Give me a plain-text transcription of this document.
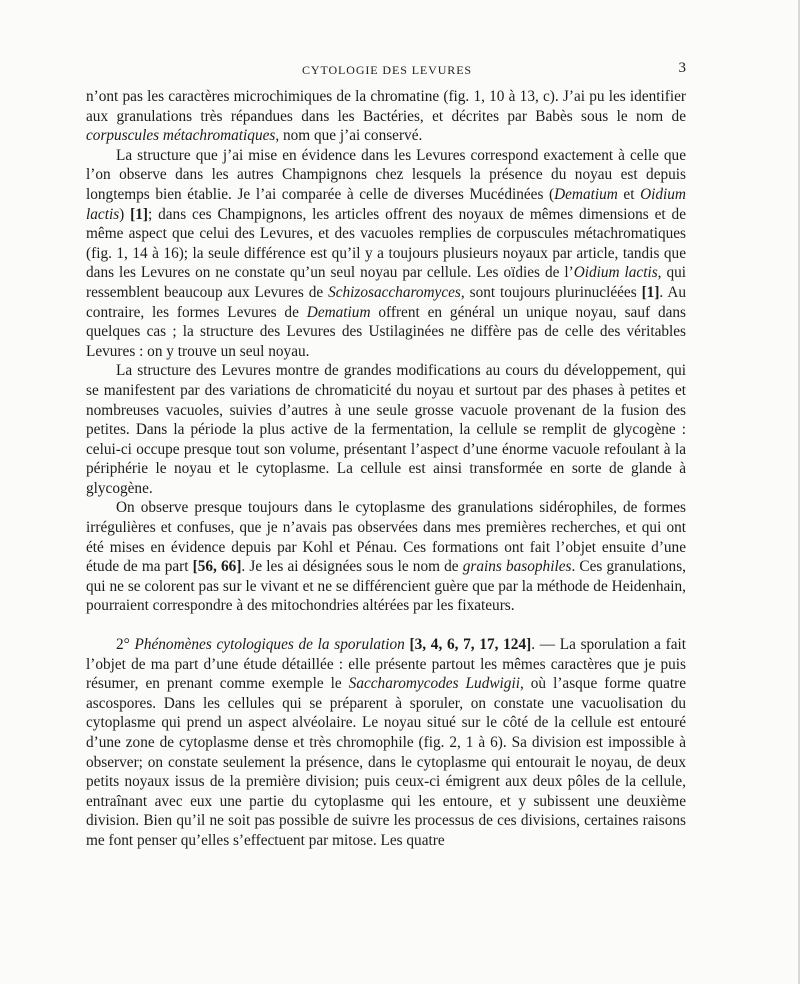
CYTOLOGIE DES LEVURES	3

n’ont pas les caractères microchimiques de la chromatine (fig. 1, 10 à 13, c). J’ai pu les identifier aux granulations très répandues dans les Bactéries, et décrites par Babès sous le nom de corpuscules métachromatiques, nom que j’ai conservé.

La structure que j’ai mise en évidence dans les Levures correspond exactement à celle que l’on observe dans les autres Champignons chez lesquels la présence du noyau est depuis longtemps bien établie. Je l’ai comparée à celle de diverses Mucédinées (Dematium et Oidium lactis) [1]; dans ces Champignons, les articles offrent des noyaux de mêmes dimensions et de même aspect que celui des Levures, et des vacuoles remplies de corpuscules métachromatiques (fig. 1, 14 à 16); la seule différence est qu’il y a toujours plusieurs noyaux par article, tandis que dans les Levures on ne constate qu’un seul noyau par cellule. Les oïdies de l’Oidium lactis, qui ressemblent beaucoup aux Levures de Schizosaccharomyces, sont toujours plurinucléées [1]. Au contraire, les formes Levures de Dematium offrent en général un unique noyau, sauf dans quelques cas ; la structure des Levures des Ustilaginées ne diffère pas de celle des véritables Levures : on y trouve un seul noyau.

La structure des Levures montre de grandes modifications au cours du développement, qui se manifestent par des variations de chromaticité du noyau et surtout par des phases à petites et nombreuses vacuoles, suivies d’autres à une seule grosse vacuole provenant de la fusion des petites. Dans la période la plus active de la fermentation, la cellule se remplit de glycogène : celui-ci occupe presque tout son volume, présentant l’aspect d’une énorme vacuole refoulant à la périphérie le noyau et le cytoplasme. La cellule est ainsi transformée en sorte de glande à glycogène.

On observe presque toujours dans le cytoplasme des granulations sidérophiles, de formes irrégulières et confuses, que je n’avais pas observées dans mes premières recherches, et qui ont été mises en évidence depuis par Kohl et Pénau. Ces formations ont fait l’objet ensuite d’une étude de ma part [56, 66]. Je les ai désignées sous le nom de grains basophiles. Ces granulations, qui ne se colorent pas sur le vivant et ne se différencient guère que par la méthode de Heidenhain, pourraient correspondre à des mitochondries altérées par les fixateurs.

2° Phénomènes cytologiques de la sporulation [3, 4, 6, 7, 17, 124]. — La sporulation a fait l’objet de ma part d’une étude détaillée : elle présente partout les mêmes caractères que je puis résumer, en prenant comme exemple le Saccharomycodes Ludwigii, où l’asque forme quatre ascospores. Dans les cellules qui se préparent à sporuler, on constate une vacuolisation du cytoplasme qui prend un aspect alvéolaire. Le noyau situé sur le côté de la cellule est entouré d’une zone de cytoplasme dense et très chromophile (fig. 2, 1 à 6). Sa division est impossible à observer; on constate seulement la présence, dans le cytoplasme qui entourait le noyau, de deux petits noyaux issus de la première division; puis ceux-ci émigrent aux deux pôles de la cellule, entraînant avec eux une partie du cytoplasme qui les entoure, et y subissent une deuxième division. Bien qu’il ne soit pas possible de suivre les processus de ces divisions, certaines raisons me font penser qu’elles s’effectuent par mitose. Les quatre
